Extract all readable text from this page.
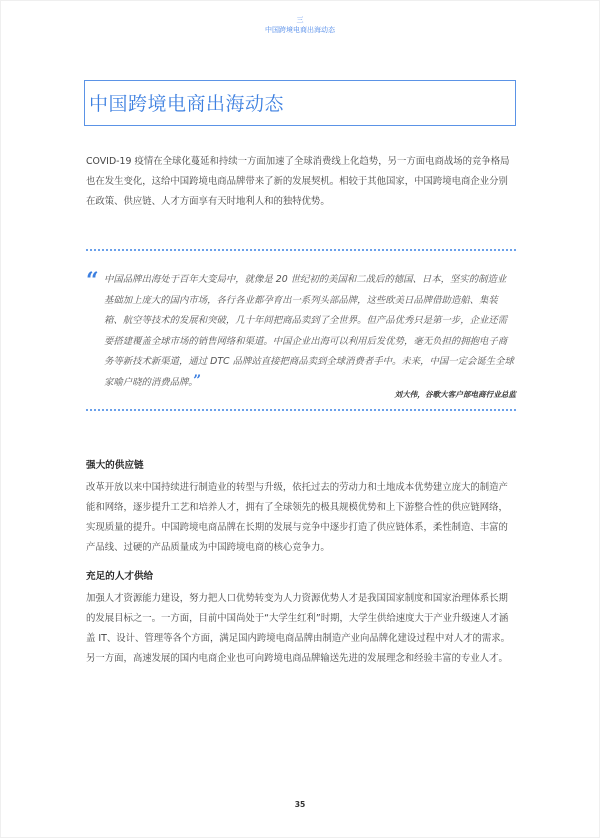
三
中国跨境电商出海动态
中国跨境电商出海动态

COVID-19 疫情在全球化蔓延和持续一方面加速了全球消费线上化趋势，另一方面电商战场的竞争格局也在发生变化，这给中国跨境电商品牌带来了新的发展契机。相较于其他国家，中国跨境电商企业分别在政策、供应链、人才方面享有天时地利人和的独特优势。

“ 中国品牌出海处于百年大变局中，就像是 20 世纪初的美国和二战后的德国、日本，坚实的制造业基础加上庞大的国内市场，各行各业都孕育出一系列头部品牌，这些欧美日品牌借助造船、集装箱、航空等技术的发展和突破，几十年间把商品卖到了全世界。但产品优秀只是第一步，企业还需要搭建覆盖全球市场的销售网络和渠道。中国企业出海可以利用后发优势，毫无负担的拥抱电子商务等新技术新渠道，通过 DTC 品牌站直接把商品卖到全球消费者手中。未来，中国一定会诞生全球家喻户晓的消费品牌。”

刘大伟，谷歌大客户部电商行业总监
强大的供应链
改革开放以来中国持续进行制造业的转型与升级，依托过去的劳动力和土地成本优势建立庞大的制造产能和网络，逐步提升工艺和培养人才，拥有了全球领先的极具规模优势和上下游整合性的供应链网络，实现质量的提升。中国跨境电商品牌在长期的发展与竞争中逐步打造了供应链体系，柔性制造、丰富的产品线、过硬的产品质量成为中国跨境电商的核心竞争力。
充足的人才供给
加强人才资源能力建设，努力把人口优势转变为人力资源优势人才是我国国家制度和国家治理体系长期的发展目标之一。一方面，目前中国尚处于“大学生红利”时期，大学生供给速度大于产业升级速人才涵盖 IT、设计、管理等各个方面，满足国内跨境电商品牌由制造产业向品牌化建设过程中对人才的需求。另一方面，高速发展的国内电商企业也可向跨境电商品牌输送先进的发展理念和经验丰富的专业人才。
35
